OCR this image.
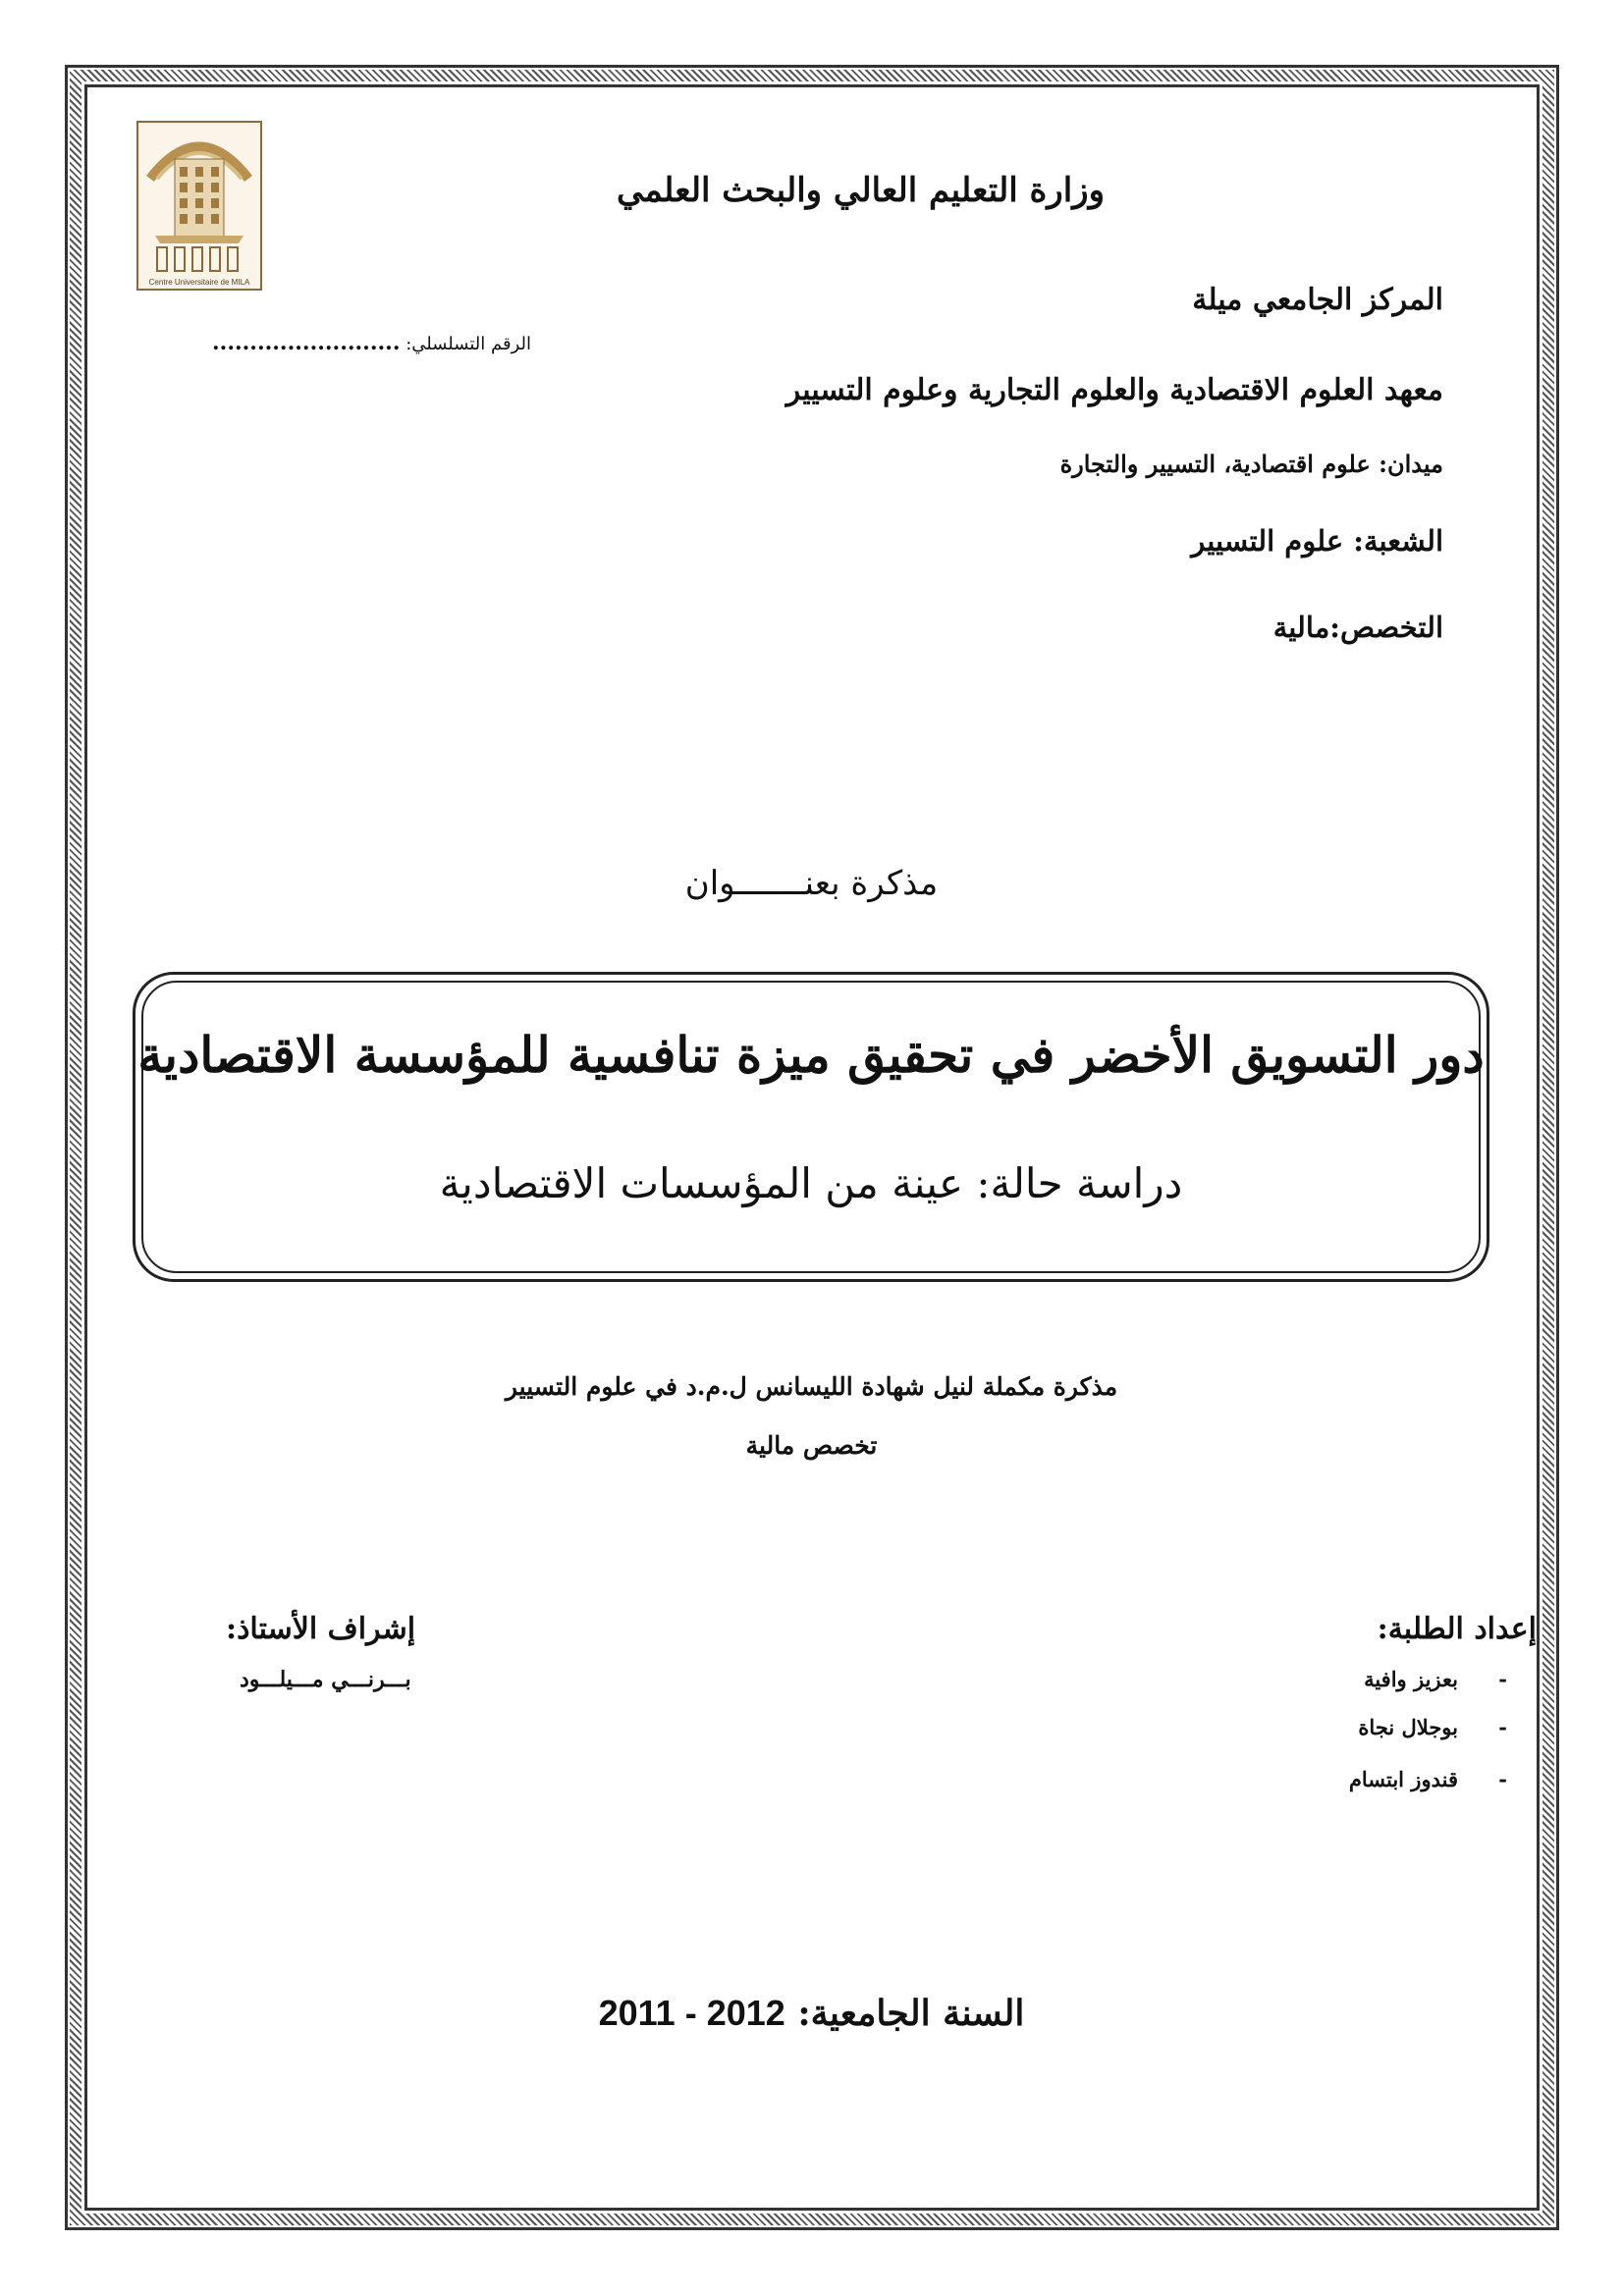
Centre Universitaire de MILA
وزارة التعليم العالي والبحث العلمي
المركز الجامعي ميلة
الرقم التسلسلي: .........................
معهد العلوم الاقتصادية والعلوم التجارية وعلوم التسيير
ميدان: علوم اقتصادية، التسيير والتجارة
الشعبة: علوم التسيير
التخصص:مالية
مذكرة بعنـــــــوان
دور التسويق الأخضر في تحقيق ميزة تنافسية للمؤسسة الاقتصادية
دراسة حالة: عينة من المؤسسات الاقتصادية
مذكرة مكملة لنيل شهادة الليسانس ل.م.د في علوم التسيير
تخصص مالية
إعداد الطلبة:
إشراف الأستاذ:
-
بعزيز وافية
-
بوجلال نجاة
-
قندوز ابتسام
بـــرنـــي مـــيلـــود
السنة الجامعية: 2012 - 2011
